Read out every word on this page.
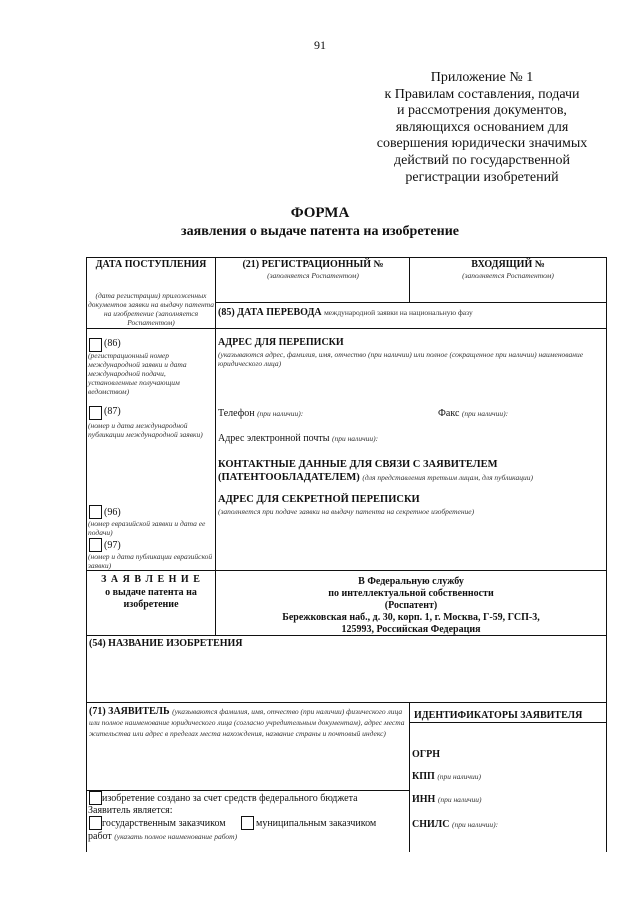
91
Приложение № 1
к Правилам составления, подачи
и рассмотрения документов,
являющихся основанием для
совершения юридически значимых
действий по государственной
регистрации изобретений
ФОРМА
заявления о выдаче патента на изобретение
ДАТА ПОСТУПЛЕНИЯ
(дата регистрации) приложенных документов заявки на выдачу патента на изобретение (заполняется Роспатентом)
(21) РЕГИСТРАЦИОННЫЙ №
(заполняется Роспатентом)
ВХОДЯЩИЙ №
(заполняется Роспатентом)
(85) ДАТА ПЕРЕВОДА международной заявки на национальную фазу
(86)
(регистрационный номер международной заявки и дата международной подачи, установленные получающим ведомством)
(87)
(номер и дата международной публикации международной заявки)
(96)
(номер евразийской заявки и дата ее подачи)
(97)
(номер и дата публикации евразийской заявки)
АДРЕС ДЛЯ ПЕРЕПИСКИ
(указываются адрес, фамилия, имя, отчество (при наличии) или полное (сокращенное при наличии) наименование юридического лица)
Телефон (при наличии):	Факс (при наличии):
Адрес электронной почты (при наличии):
КОНТАКТНЫЕ ДАННЫЕ ДЛЯ СВЯЗИ С ЗАЯВИТЕЛЕМ (ПАТЕНТООБЛАДАТЕЛЕМ) (для представления третьим лицам, для публикации)
АДРЕС ДЛЯ СЕКРЕТНОЙ ПЕРЕПИСКИ
(заполняется при подаче заявки на выдачу патента на секретное изобретение)
З А Я В Л Е Н И Е
о выдаче патента на
изобретение
В Федеральную службу
по интеллектуальной собственности
(Роспатент)
Бережковская наб., д. 30, корп. 1, г. Москва, Г-59, ГСП-3,
125993, Российская Федерация
(54) НАЗВАНИЕ ИЗОБРЕТЕНИЯ
(71) ЗАЯВИТЕЛЬ (указываются фамилия, имя, отчество (при наличии) физического лица или полное наименование юридического лица (согласно учредительным документам), адрес места жительства или адрес в пределах места нахождения, название страны и почтовый индекс)
ИДЕНТИФИКАТОРЫ ЗАЯВИТЕЛЯ
ОГРН
КПП (при наличии)
ИНН (при наличии)
СНИЛС (при наличии):
изобретение создано за счет средств федерального бюджета
Заявитель является:
государственным заказчиком	муниципальным заказчиком
работ (указать полное наименование работ)
